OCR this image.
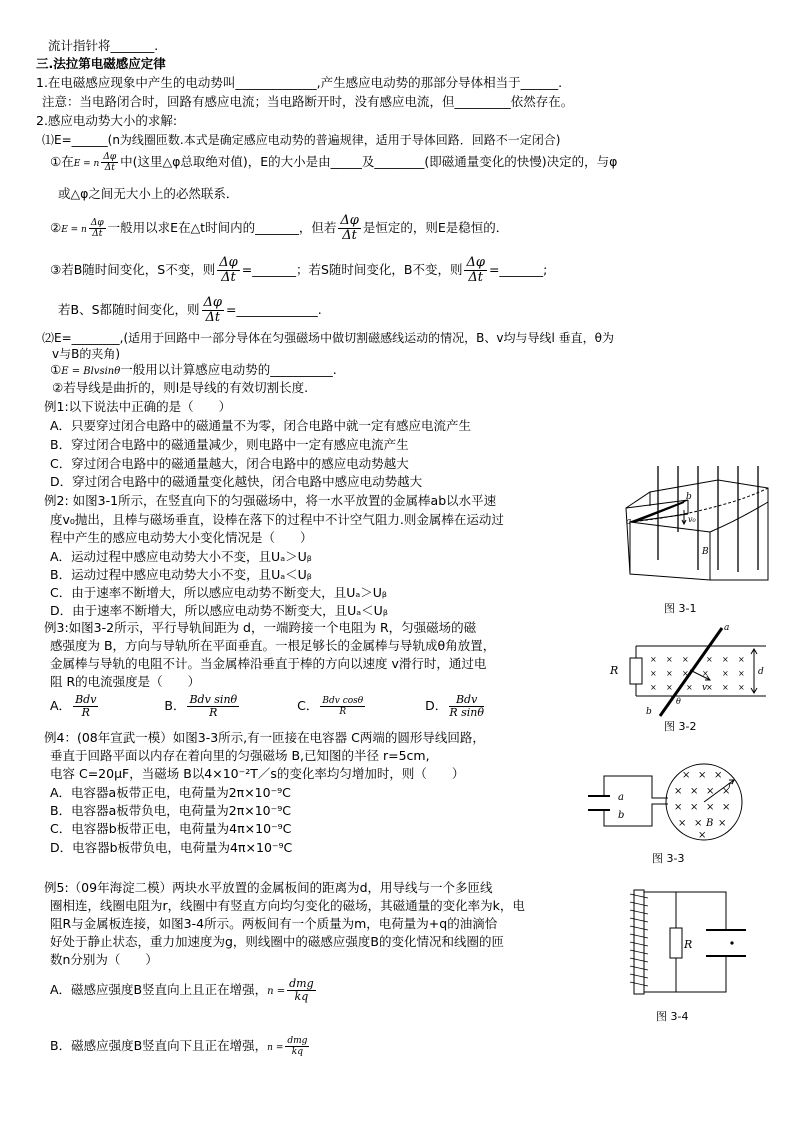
流计指针将_______.
三.法拉第电磁感应定律
1.在电磁感应现象中产生的电动势叫_____________,产生感应电动势的那部分导体相当于______.
注意：当电路闭合时，回路有感应电流；当电路断开时，没有感应电流，但_________依然存在。
2.感应电动势大小的求解:
⑴E=______(n为线圈匝数.本式是确定感应电动势的普遍规律，适用于导体回路．回路不一定闭合)
①在E = n $\frac{\Delta\varphi}{\Delta t}$ 中(这里△φ总取绝对值)，E的大小是由_____及________(即磁通量变化的快慢)决定的，与φ
或△φ之间无大小上的必然联系．
②E = n $\frac{\Delta\varphi}{\Delta t}$ 一般用以求E在△t时间内的_______，但若 $\frac{\Delta\varphi}{\Delta t}$ 是恒定的，则E是稳恒的．
③若B随时间变化，S不变，则 $\frac{\Delta\varphi}{\Delta t}$ =_______；若S随时间变化，B不变，则 $\frac{\Delta\varphi}{\Delta t}$ =_______;
若B、S都随时间变化，则 $\frac{\Delta\varphi}{\Delta t}$ =_____________.
⑵E=________,(适用于回路中一部分导体在匀强磁场中做切割磁感线运动的情况，B、v均与导线l 垂直，θ为
v与B的夹角)
①E = Blvsinθ一般用以计算感应电动势的__________.
②若导线是曲折的，则l是导线的有效切割长度.
例1:以下说法中正确的是（　　）
A．只要穿过闭合电路中的磁通量不为零，闭合电路中就一定有感应电流产生
B．穿过闭合电路中的磁通量减少，则电路中一定有感应电流产生
C．穿过闭合电路中的磁通量越大，闭合电路中的感应电动势越大
D．穿过闭合电路中的磁通量变化越快，闭合电路中感应电动势越大
例2: 如图3-1所示，在竖直向下的匀强磁场中，将一水平放置的金属棒ab以水平速
度v₀抛出，且棒与磁场垂直，设棒在落下的过程中不计空气阻力.则金属棒在运动过
程中产生的感应电动势大小变化情况是（　　）
A．运动过程中感应电动势大小不变，且Uₐ＞Uᵦ
B．运动过程中感应电动势大小不变，且Uₐ＜Uᵦ
C．由于速率不断增大，所以感应电动势不断变大，且Uₐ＞Uᵦ
D．由于速率不断增大，所以感应电动势不断变大，且Uₐ＜Uᵦ
a
b
v₀
B
图 3-1
例3:如图3-2所示，平行导轨间距为 d，一端跨接一个电阻为 R，匀强磁场的磁
感强度为 B，方向与导轨所在平面垂直。一根足够长的金属棒与导轨成θ角放置，
金属棒与导轨的电阻不计。当金属棒沿垂直于棒的方向以速度 v滑行时，通过电
阻 R的电流强度是（　　）
A． $\frac{\text{Bdv}}{R}$	B． $\frac{\text{Bdv sinθ}}{R}$	C． $\frac{\text{Bdv cosθ}}{R}$	D． $\frac{\text{Bdv}}{\text{R sinθ}}$
× × × × × ×
× × × × × ×
× × × × × ×
R
a
b
d
v
θ
图 3-2
例4：(08年宣武一模）如图3-3所示,有一匝接在电容器 C两端的圆形导线回路，
垂直于回路平面以内存在着向里的匀强磁场 B,已知图的半径 r=5cm,
电容 C=20μF，当磁场 B以4×10⁻²T／s的变化率均匀增加时，则（　　）
A．电容器a板带正电，电荷量为2π×10⁻⁹C
B．电容器a板带负电，电荷量为2π×10⁻⁹C
C．电容器b板带正电，电荷量为4π×10⁻⁹C
D．电容器b板带负电，电荷量为4π×10⁻⁹C
× × ×
× × × ×
× × × ×
× × ×
×
a
b
r
B
图 3-3
例5:（09年海淀二模）两块水平放置的金属板间的距离为d，用导线与一个多匝线
圈相连，线圈电阻为r，线圈中有竖直方向均匀变化的磁场，其磁通量的变化率为k，电
阻R与金属板连接，如图3-4所示。两板间有一个质量为m，电荷量为+q的油滴恰
好处于静止状态，重力加速度为g，则线圈中的磁感应强度B的变化情况和线圈的匝
数n分别为（　　）
A．磁感应强度B竖直向上且正在增强，$n = \frac{\text{dmg}}{kq}$
B．磁感应强度B竖直向下且正在增强，$n = \frac{\text{dmg}}{kq}$
R
图 3-4
